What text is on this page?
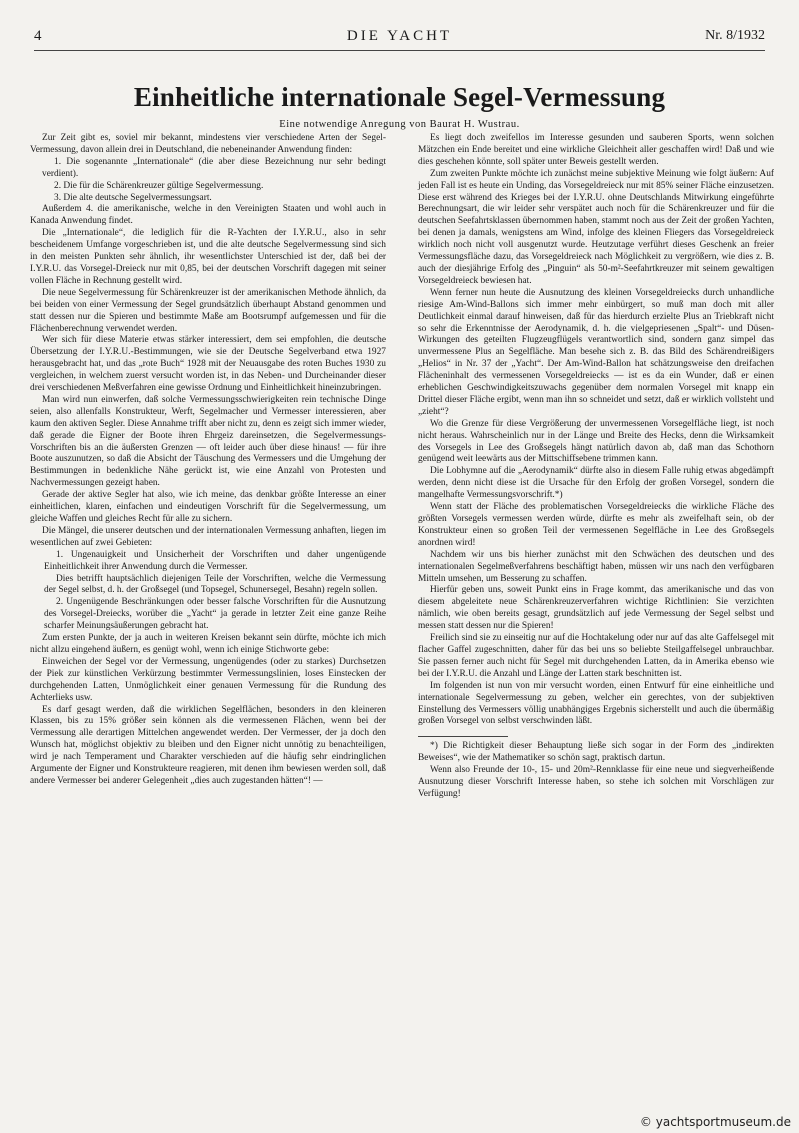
4	DIE YACHT	Nr. 8/1932
Einheitliche internationale Segel-Vermessung
Eine notwendige Anregung von Baurat H. Wustrau.

Zur Zeit gibt es, soviel mir bekannt, mindestens vier verschiedene Arten der Segel-Vermessung, davon allein drei in Deutschland, die nebeneinander Anwendung finden:

1. Die sogenannte „Internationale“ (die aber diese Bezeichnung nur sehr bedingt verdient).

2. Die für die Schärenkreuzer gültige Segelvermessung.

3. Die alte deutsche Segelvermessungsart.

Außerdem 4. die amerikanische, welche in den Vereinigten Staaten und wohl auch in Kanada Anwendung findet.

Die „Internationale“, die lediglich für die R-Yachten der I.Y.R.U., also in sehr bescheidenem Umfange vorgeschrieben ist, und die alte deutsche Segelvermessung sind sich in den meisten Punkten sehr ähnlich, ihr wesentlichster Unterschied ist der, daß bei der I.Y.R.U. das Vorsegel-Dreieck nur mit 0,85, bei der deutschen Vorschrift dagegen mit seiner vollen Fläche in Rechnung gestellt wird.

Die neue Segelvermessung für Schärenkreuzer ist der amerikanischen Methode ähnlich, da bei beiden von einer Vermessung der Segel grundsätzlich überhaupt Abstand genommen und statt dessen nur die Spieren und bestimmte Maße am Bootsrumpf aufgemessen und für die Flächenberechnung verwendet werden.

Wer sich für diese Materie etwas stärker interessiert, dem sei empfohlen, die deutsche Übersetzung der I.Y.R.U.-Bestimmungen, wie sie der Deutsche Segelverband etwa 1927 herausgebracht hat, und das „rote Buch“ 1928 mit der Neuausgabe des roten Buches 1930 zu vergleichen, in welchem zuerst versucht worden ist, in das Neben- und Durcheinander dieser drei verschiedenen Meßverfahren eine gewisse Ordnung und Einheitlichkeit hineinzubringen.

Man wird nun einwerfen, daß solche Vermessungsschwierigkeiten rein technische Dinge seien, also allenfalls Konstrukteur, Werft, Segelmacher und Vermesser interessieren, aber kaum den aktiven Segler. Diese Annahme trifft aber nicht zu, denn es zeigt sich immer wieder, daß gerade die Eigner der Boote ihren Ehrgeiz dareinsetzen, die Segelvermessungs-Vorschriften bis an die äußersten Grenzen — oft leider auch über diese hinaus! — für ihre Boote auszunutzen, so daß die Absicht der Täuschung des Vermessers und die Umgehung der Bestimmungen in bedenkliche Nähe gerückt ist, wie eine Anzahl von Protesten und Nachvermessungen gezeigt haben.

Gerade der aktive Segler hat also, wie ich meine, das denkbar größte Interesse an einer einheitlichen, klaren, einfachen und eindeutigen Vorschrift für die Segelvermessung, um gleiche Waffen und gleiches Recht für alle zu sichern.

Die Mängel, die unserer deutschen und der internationalen Vermessung anhaften, liegen im wesentlichen auf zwei Gebieten:

1. Ungenauigkeit und Unsicherheit der Vorschriften und daher ungenügende Einheitlichkeit ihrer Anwendung durch die Vermesser.

Dies betrifft hauptsächlich diejenigen Teile der Vorschriften, welche die Vermessung der Segel selbst, d. h. der Großsegel (und Topsegel, Schunersegel, Besahn) regeln sollen.

2. Ungenügende Beschränkungen oder besser falsche Vorschriften für die Ausnutzung des Vorsegel-Dreiecks, worüber die „Yacht“ ja gerade in letzter Zeit eine ganze Reihe scharfer Meinungsäußerungen gebracht hat.

Zum ersten Punkte, der ja auch in weiteren Kreisen bekannt sein dürfte, möchte ich mich nicht allzu eingehend äußern, es genügt wohl, wenn ich einige Stichworte gebe:

Einweichen der Segel vor der Vermessung, ungenügendes (oder zu starkes) Durchsetzen der Piek zur künstlichen Verkürzung bestimmter Vermessungslinien, loses Einstecken der durchgehenden Latten, Unmöglichkeit einer genauen Vermessung für die Rundung des Achterlieks usw.

Es darf gesagt werden, daß die wirklichen Segelflächen, besonders in den kleineren Klassen, bis zu 15% größer sein können als die vermessenen Flächen, wenn bei der Vermessung alle derartigen Mittelchen angewendet werden. Der Vermesser, der ja doch den Wunsch hat, möglichst objektiv zu bleiben und den Eigner nicht unnötig zu benachteiligen, wird je nach Temperament und Charakter verschieden auf die häufig sehr eindringlichen Argumente der Eigner und Konstrukteure reagieren, mit denen ihm bewiesen werden soll, daß andere Vermesser bei anderer Gelegenheit „dies auch zugestanden hätten“! —

Es liegt doch zweifellos im Interesse gesunden und sauberen Sports, wenn solchen Mätzchen ein Ende bereitet und eine wirkliche Gleichheit aller geschaffen wird! Daß und wie dies geschehen könnte, soll später unter Beweis gestellt werden.

Zum zweiten Punkte möchte ich zunächst meine subjektive Meinung wie folgt äußern: Auf jeden Fall ist es heute ein Unding, das Vorsegeldreieck nur mit 85% seiner Fläche einzusetzen. Diese erst während des Krieges bei der I.Y.R.U. ohne Deutschlands Mitwirkung eingeführte Berechnungsart, die wir leider sehr verspätet auch noch für die Schärenkreuzer und für die deutschen Seefahrtsklassen übernommen haben, stammt noch aus der Zeit der großen Yachten, bei denen ja damals, wenigstens am Wind, infolge des kleinen Fliegers das Vorsegeldreieck wirklich noch nicht voll ausgenutzt wurde. Heutzutage verführt dieses Geschenk an freier Vermessungsfläche dazu, das Vorsegeldreieck nach Möglichkeit zu vergrößern, wie dies z. B. auch der diesjährige Erfolg des „Pinguin“ als 50-m²-Seefahrtkreuzer mit seinem gewaltigen Vorsegeldreieck bewiesen hat.

Wenn ferner nun heute die Ausnutzung des kleinen Vorsegeldreiecks durch unhandliche riesige Am-Wind-Ballons sich immer mehr einbürgert, so muß man doch mit aller Deutlichkeit einmal darauf hinweisen, daß für das hierdurch erzielte Plus an Triebkraft nicht so sehr die Erkenntnisse der Aerodynamik, d. h. die vielgepriesenen „Spalt“- und Düsen-Wirkungen des geteilten Flugzeugflügels verantwortlich sind, sondern ganz simpel das unvermessene Plus an Segelfläche. Man besehe sich z. B. das Bild des Schärendreißigers „Helios“ in Nr. 37 der „Yacht“. Der Am-Wind-Ballon hat schätzungsweise den dreifachen Flächeninhalt des vermessenen Vorsegeldreiecks — ist es da ein Wunder, daß er einen erheblichen Geschwindigkeitszuwachs gegenüber dem normalen Vorsegel mit knapp ein Drittel dieser Fläche ergibt, wenn man ihn so schneidet und setzt, daß er wirklich vollsteht und „zieht“?

Wo die Grenze für diese Vergrößerung der unvermessenen Vorsegelfläche liegt, ist noch nicht heraus. Wahrscheinlich nur in der Länge und Breite des Hecks, denn die Wirksamkeit des Vorsegels in Lee des Großsegels hängt natürlich davon ab, daß man das Schothorn genügend weit leewärts aus der Mittschiffsebene trimmen kann.

Die Lobhymne auf die „Aerodynamik“ dürfte also in diesem Falle ruhig etwas abgedämpft werden, denn nicht diese ist die Ursache für den Erfolg der großen Vorsegel, sondern die mangelhafte Vermessungsvorschrift.*)

Wenn statt der Fläche des problematischen Vorsegeldreiecks die wirkliche Fläche des größten Vorsegels vermessen werden würde, dürfte es mehr als zweifelhaft sein, ob der Konstrukteur einen so großen Teil der vermessenen Segelfläche in Lee des Großsegels anordnen wird!

Nachdem wir uns bis hierher zunächst mit den Schwächen des deutschen und des internationalen Segelmeßverfahrens beschäftigt haben, müssen wir uns nach den verfügbaren Mitteln umsehen, um Besserung zu schaffen.

Hierfür geben uns, soweit Punkt eins in Frage kommt, das amerikanische und das von diesem abgeleitete neue Schärenkreuzerverfahren wichtige Richtlinien: Sie verzichten nämlich, wie oben bereits gesagt, grundsätzlich auf jede Vermessung der Segel selbst und messen statt dessen nur die Spieren!

Freilich sind sie zu einseitig nur auf die Hochtakelung oder nur auf das alte Gaffelsegel mit flacher Gaffel zugeschnitten, daher für das bei uns so beliebte Steilgaffelsegel unbrauchbar. Sie passen ferner auch nicht für Segel mit durchgehenden Latten, da in Amerika ebenso wie bei der I.Y.R.U. die Anzahl und Länge der Latten stark beschnitten ist.

Im folgenden ist nun von mir versucht worden, einen Entwurf für eine einheitliche und internationale Segelvermessung zu geben, welcher ein gerechtes, von der subjektiven Einstellung des Vermessers völlig unabhängiges Ergebnis sicherstellt und auch die übermäßig großen Vorsegel von selbst verschwinden läßt.

*) Die Richtigkeit dieser Behauptung ließe sich sogar in der Form des „indirekten Beweises“, wie der Mathematiker so schön sagt, praktisch dartun.

Wenn also Freunde der 10-, 15- und 20m²-Rennklasse für eine neue und siegverheißende Ausnutzung dieser Vorschrift Interesse haben, so stehe ich solchen mit Vorschlägen zur Verfügung!

© yachtsportmuseum.de
